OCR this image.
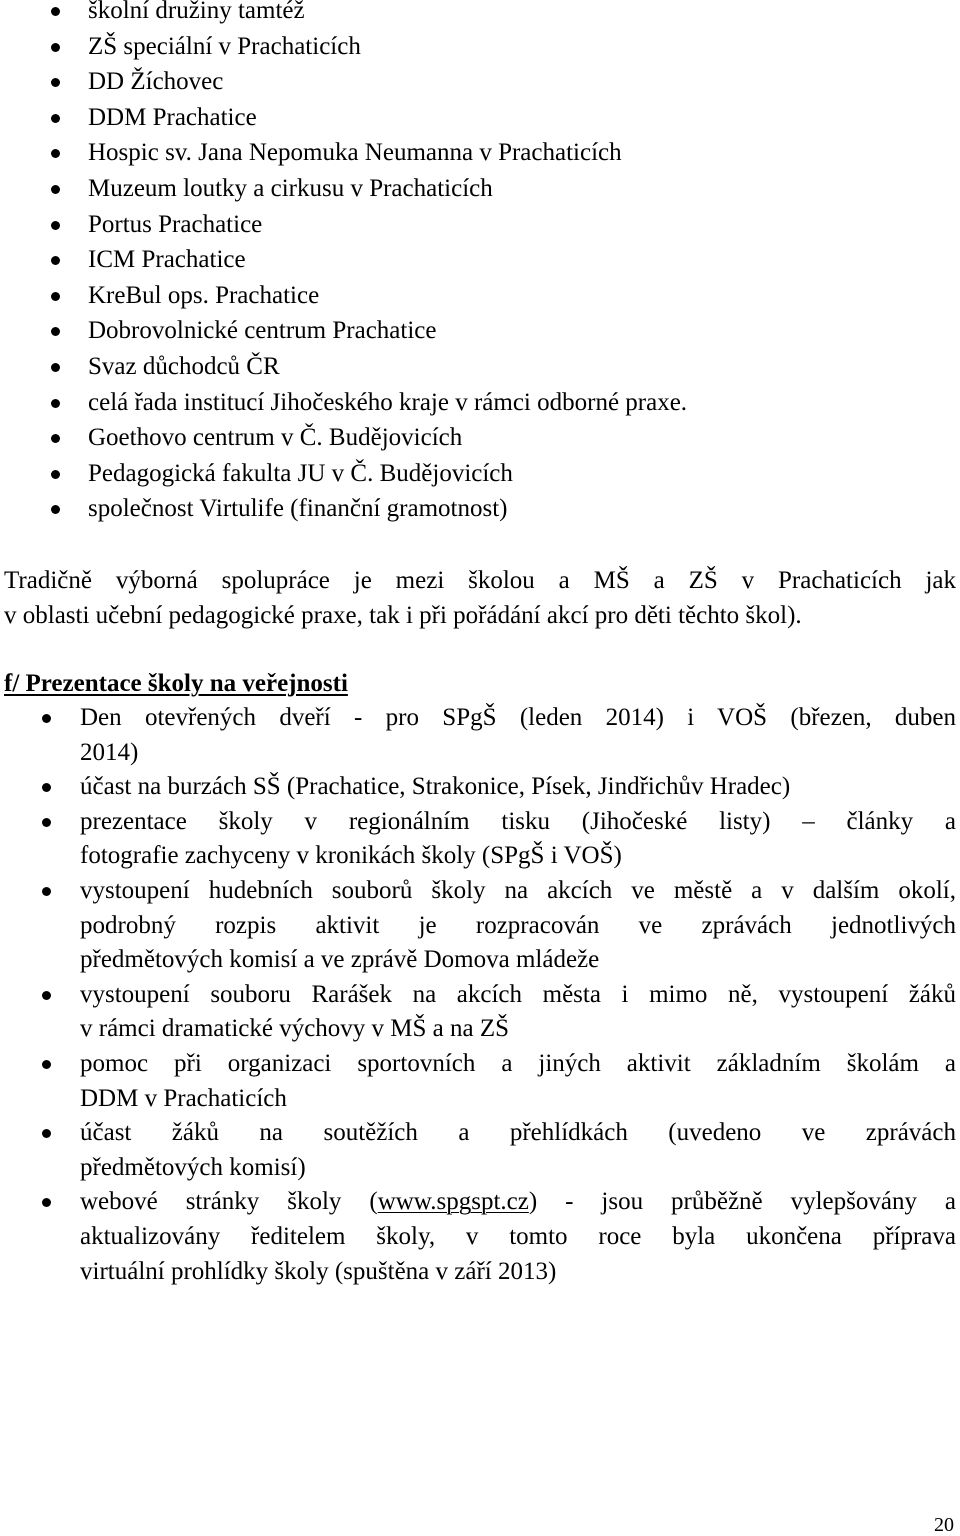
školní družiny tamtéž
ZŠ speciální v Prachaticích
DD Žíchovec
DDM Prachatice
Hospic sv. Jana Nepomuka Neumanna v Prachaticích
Muzeum loutky a cirkusu v Prachaticích
Portus Prachatice
ICM Prachatice
KreBul ops. Prachatice
Dobrovolnické centrum Prachatice
Svaz důchodců ČR
celá řada institucí Jihočeského kraje v rámci odborné praxe.
Goethovo centrum v Č. Budějovicích
Pedagogická fakulta JU v Č. Budějovicích
společnost Virtulife (finanční gramotnost)
Tradičně výborná spolupráce je mezi školou a MŠ a ZŠ v Prachaticích jak
v oblasti učební pedagogické praxe, tak i při pořádání akcí pro děti těchto škol).
f/ Prezentace školy na veřejnosti
Den otevřených dveří - pro SPgŠ (leden 2014) i VOŠ (březen, duben
2014)
účast na burzách SŠ (Prachatice, Strakonice, Písek, Jindřichův Hradec)
prezentace školy v regionálním tisku (Jihočeské listy) – články a
fotografie zachyceny v kronikách školy (SPgŠ i VOŠ)
vystoupení hudebních souborů školy na akcích ve městě a v dalším okolí,
podrobný rozpis aktivit je rozpracován ve zprávách jednotlivých
předmětových komisí a ve zprávě Domova mládeže
vystoupení souboru Rarášek na akcích města i mimo ně, vystoupení žáků
v rámci dramatické výchovy v MŠ a na ZŠ
pomoc při organizaci sportovních a jiných aktivit základním školám a
DDM v Prachaticích
účast žáků na soutěžích a přehlídkách (uvedeno ve zprávách
předmětových komisí)
webové stránky školy (www.spgspt.cz) - jsou průběžně vylepšovány a
aktualizovány ředitelem školy, v tomto roce byla ukončena příprava
virtuální prohlídky školy (spuštěna v září 2013)
20
